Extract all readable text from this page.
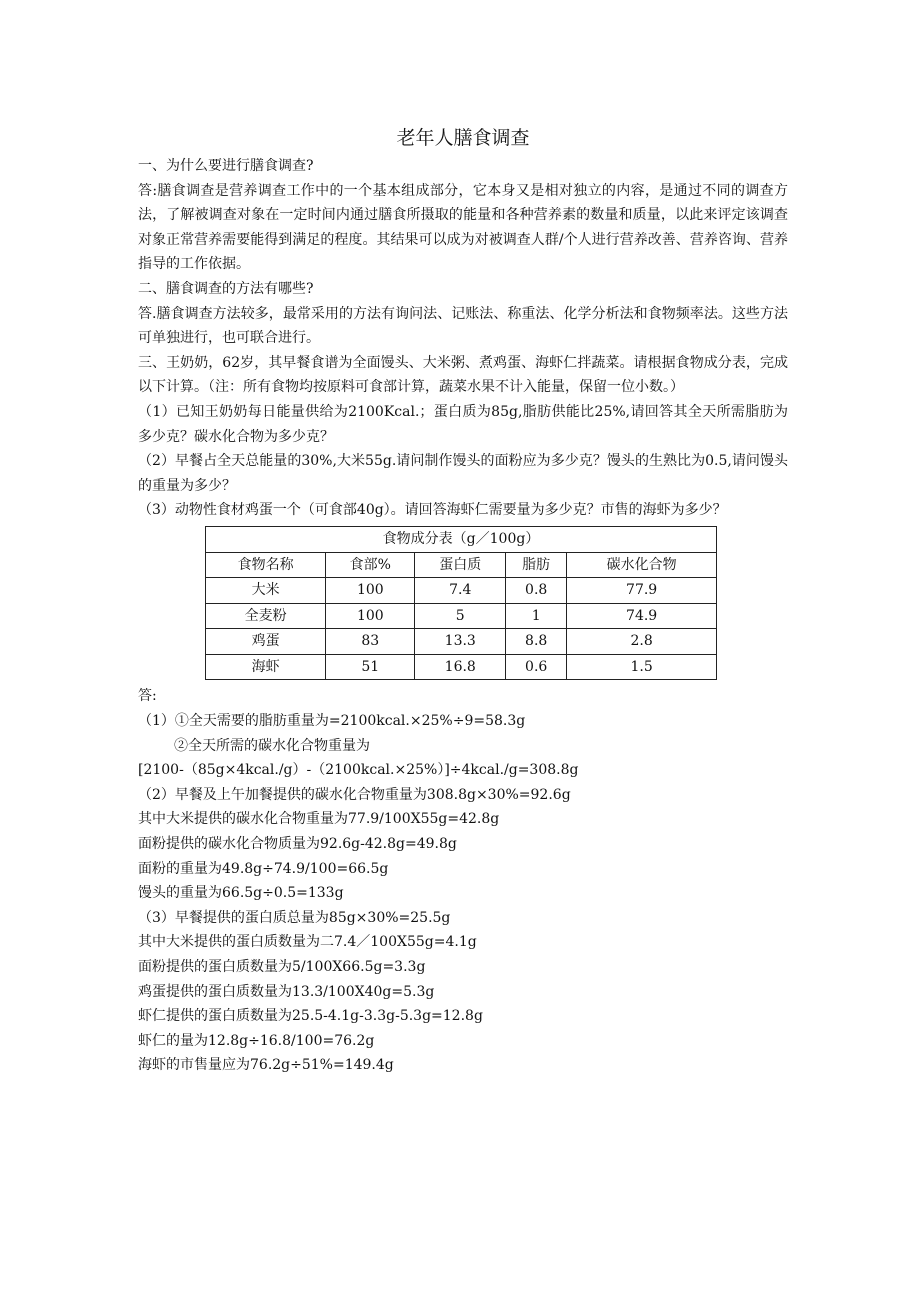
老年人膳食调查

一、为什么要进行膳食调查?

答:膳食调查是营养调查工作中的一个基本组成部分，它本身又是相对独立的内容，是通过不同的调查方法，了解被调查对象在一定时间内通过膳食所摄取的能量和各种营养素的数量和质量，以此来评定该调查对象正常营养需要能得到满足的程度。其结果可以成为对被调查人群/个人进行营养改善、营养咨询、营养指导的工作依据。

二、膳食调查的方法有哪些?

答.膳食调查方法较多，最常采用的方法有询问法、记账法、称重法、化学分析法和食物频率法。这些方法可单独进行，也可联合进行。

三、王奶奶，62岁，其早餐食谱为全面馒头、大米粥、煮鸡蛋、海虾仁拌蔬菜。请根据食物成分表，完成以下计算。（注：所有食物均按原料可食部计算，蔬菜水果不计入能量，保留一位小数。）

（1）已知王奶奶每日能量供给为2100Kcal.；蛋白质为85g,脂肪供能比25%,请回答其全天所需脂肪为多少克？碳水化合物为多少克？

（2）早餐占全天总能量的30%,大米55g.请问制作馒头的面粉应为多少克？馒头的生熟比为0.5,请问馒头的重量为多少？

（3）动物性食材鸡蛋一个（可食部40g）。请回答海虾仁需要量为多少克？市售的海虾为多少？

食物成分表（g／100g）				
食物名称	食部%	蛋白质	脂肪	碳水化合物
大米	100	7.4	0.8	77.9
全麦粉	100	5	1	74.9
鸡蛋	83	13.3	8.8	2.8
海虾	51	16.8	0.6	1.5

答:

（1）①全天需要的脂肪重量为=2100kcal.×25%÷9=58.3g

②全天所需的碳水化合物重量为

[2100-（85g×4kcal./g）-（2100kcal.×25%）]÷4kcal./g=308.8g

（2）早餐及上午加餐提供的碳水化合物重量为308.8g×30%=92.6g

其中大米提供的碳水化合物重量为77.9/100X55g=42.8g

面粉提供的碳水化合物质量为92.6g-42.8g=49.8g

面粉的重量为49.8g÷74.9/100=66.5g

馒头的重量为66.5g÷0.5=133g

（3）早餐提供的蛋白质总量为85g×30%=25.5g

其中大米提供的蛋白质数量为二7.4／100X55g=4.1g

面粉提供的蛋白质数量为5/100X66.5g=3.3g

鸡蛋提供的蛋白质数量为13.3/100X40g=5.3g

虾仁提供的蛋白质数量为25.5-4.1g-3.3g-5.3g=12.8g

虾仁的量为12.8g÷16.8/100=76.2g

海虾的市售量应为76.2g÷51%=149.4g
